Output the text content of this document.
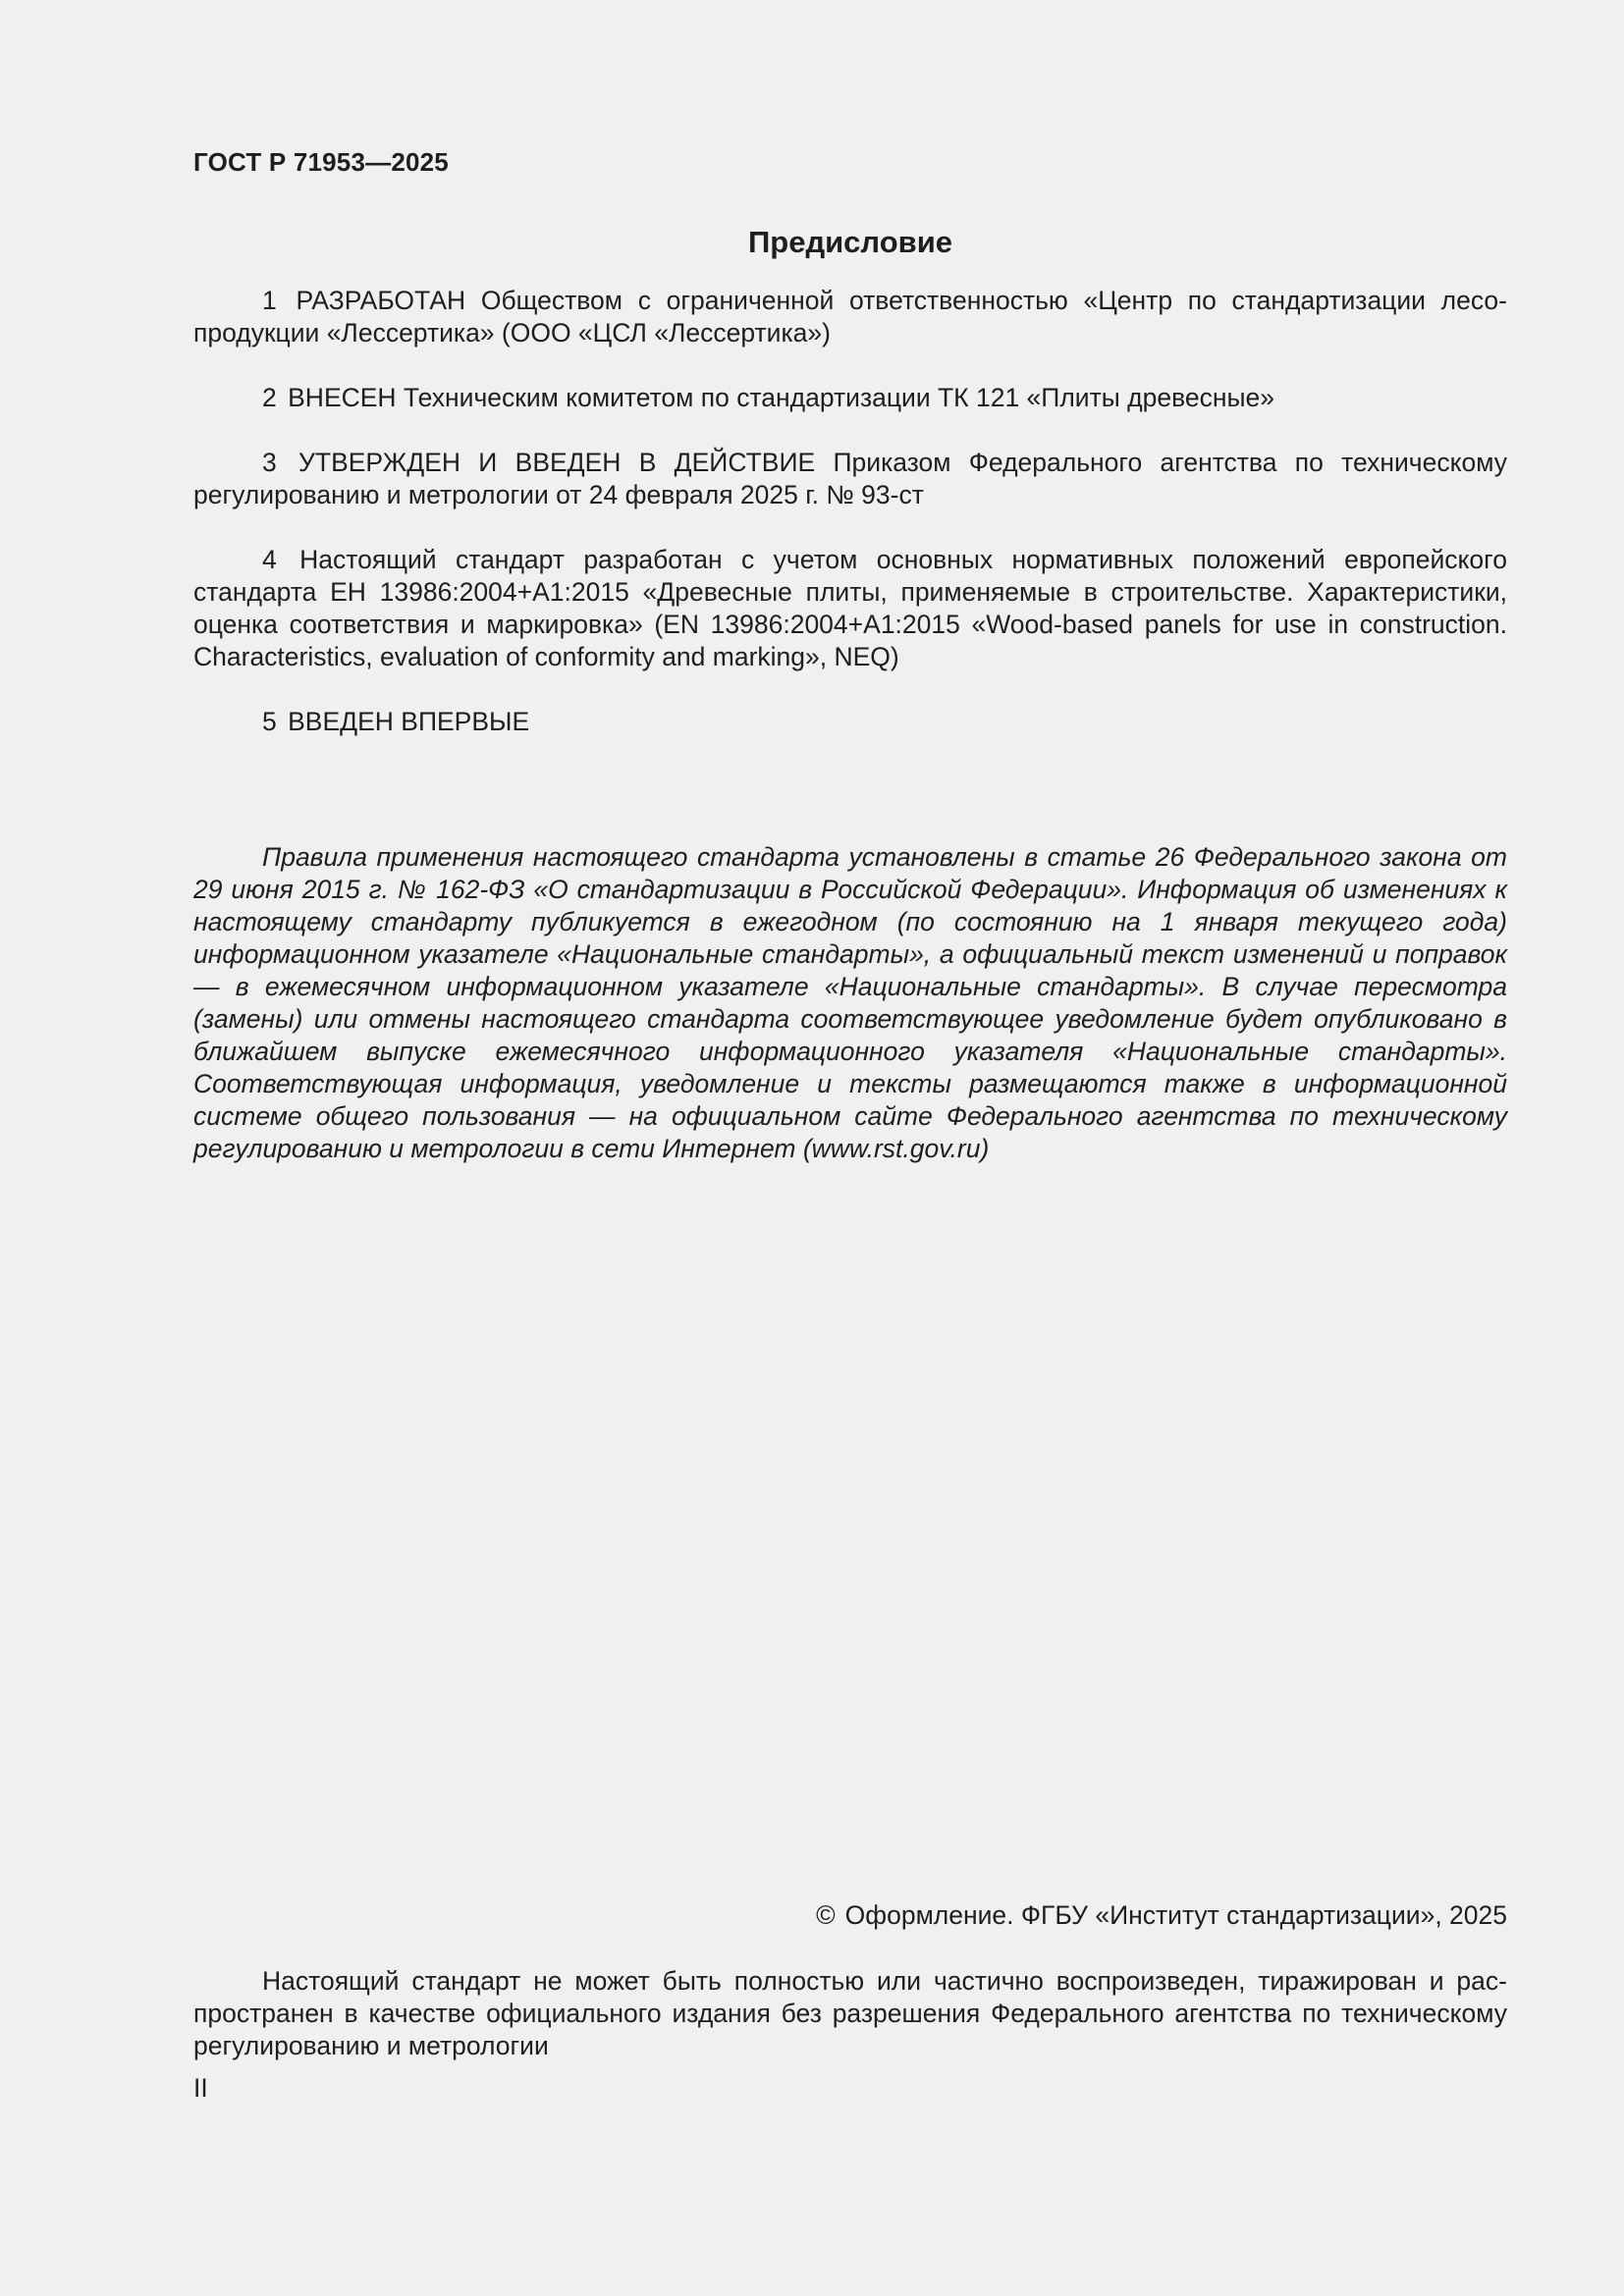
ГОСТ Р 71953—2025
Предисловие

1 РАЗРАБОТАН Обществом с ограниченной ответственностью «Центр по стандартизации лесопродукции «Лессертика» (ООО «ЦСЛ «Лессертика»)

2 ВНЕСЕН Техническим комитетом по стандартизации ТК 121 «Плиты древесные»

3 УТВЕРЖДЕН И ВВЕДЕН В ДЕЙСТВИЕ Приказом Федерального агентства по техническому регулированию и метрологии от 24 февраля 2025 г. № 93-ст

4 Настоящий стандарт разработан с учетом основных нормативных положений европейского стандарта ЕН 13986:2004+А1:2015 «Древесные плиты, применяемые в строительстве. Характеристики, оценка соответствия и маркировка» (EN 13986:2004+A1:2015 «Wood-based panels for use in construction. Characteristics, evaluation of conformity and marking», NEQ)

5 ВВЕДЕН ВПЕРВЫЕ

Правила применения настоящего стандарта установлены в статье 26 Федерального закона от 29 июня 2015 г. № 162-ФЗ «О стандартизации в Российской Федерации». Информация об изменениях к настоящему стандарту публикуется в ежегодном (по состоянию на 1 января текущего года) информационном указателе «Национальные стандарты», а официальный текст изменений и поправок — в ежемесячном информационном указателе «Национальные стандарты». В случае пересмотра (замены) или отмены настоящего стандарта соответствующее уведомление будет опубликовано в ближайшем выпуске ежемесячного информационного указателя «Национальные стандарты». Соответствующая информация, уведомление и тексты размещаются также в информационной системе общего пользования — на официальном сайте Федерального агентства по техническому регулированию и метрологии в сети Интернет (www.rst.gov.ru)

© Оформление. ФГБУ «Институт стандартизации», 2025

Настоящий стандарт не может быть полностью или частично воспроизведен, тиражирован и распространен в качестве официального издания без разрешения Федерального агентства по техническому регулированию и метрологии

II
